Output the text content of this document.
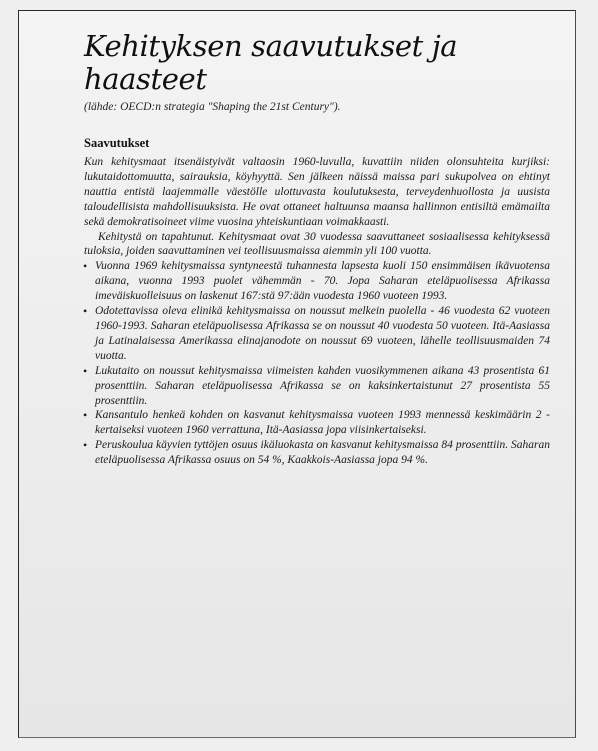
Kehityksen saavutukset ja haasteet
(lähde: OECD:n strategia "Shaping the 21st Century").
Saavutukset
Kun kehitysmaat itsenäistyivät valtaosin 1960-luvulla, kuvattiin niiden olonsuhteita kurjiksi: lukutaidottomuutta, sairauksia, köyhyyttä. Sen jälkeen näissä maissa pari sukupolvea on ehtinyt nauttia entistä laajemmalle väestölle ulottuvasta koulutuksesta, terveydenhuollosta ja uusista taloudellisista mahdollisuuksista. He ovat ottaneet haltuunsa maansa hallinnon entisiltä emämailta sekä demokratisoineet viime vuosina yhteiskuntiaan voimakkaasti.
Kehitystä on tapahtunut. Kehitysmaat ovat 30 vuodessa saavuttaneet sosiaalisessa kehityksessä tuloksia, joiden saavuttaminen vei teollisuusmaissa aiemmin yli 100 vuotta.
• Vuonna 1969 kehitysmaissa syntyneestä tuhannesta lapsesta kuoli 150 ensimmäisen ikävuotensa aikana, vuonna 1993 puolet vähemmän - 70. Jopa Saharan eteläpuolisessa Afrikassa imeväiskuolleisuus on laskenut 167:stä 97:ään vuodesta 1960 vuoteen 1993.
• Odotettavissa oleva elinikä kehitysmaissa on noussut melkein puolella - 46 vuodesta 62 vuoteen 1960-1993. Saharan eteläpuolisessa Afrikassa se on noussut 40 vuodesta 50 vuoteen. Itä-Aasiassa ja Latinalaisessa Amerikassa elinajanodote on noussut 69 vuoteen, lähelle teollisuusmaiden 74 vuotta.
• Lukutaito on noussut kehitysmaissa viimeisten kahden vuosikymmenen aikana 43 prosentista 61 prosenttiin. Saharan eteläpuolisessa Afrikassa se on kaksinkertaistunut 27 prosentista 55 prosenttiin.
• Kansantulo henkeä kohden on kasvanut kehitysmaissa vuoteen 1993 mennessä keskimäärin 2 -kertaiseksi vuoteen 1960 verrattuna, Itä-Aasiassa jopa viisinkertaiseksi.
• Peruskoulua käyvien tyttöjen osuus ikäluokasta on kasvanut kehitysmaissa 84 prosenttiin. Saharan eteläpuolisessa Afrikassa osuus on 54 %, Kaakkois-Aasiassa jopa 94 %.
